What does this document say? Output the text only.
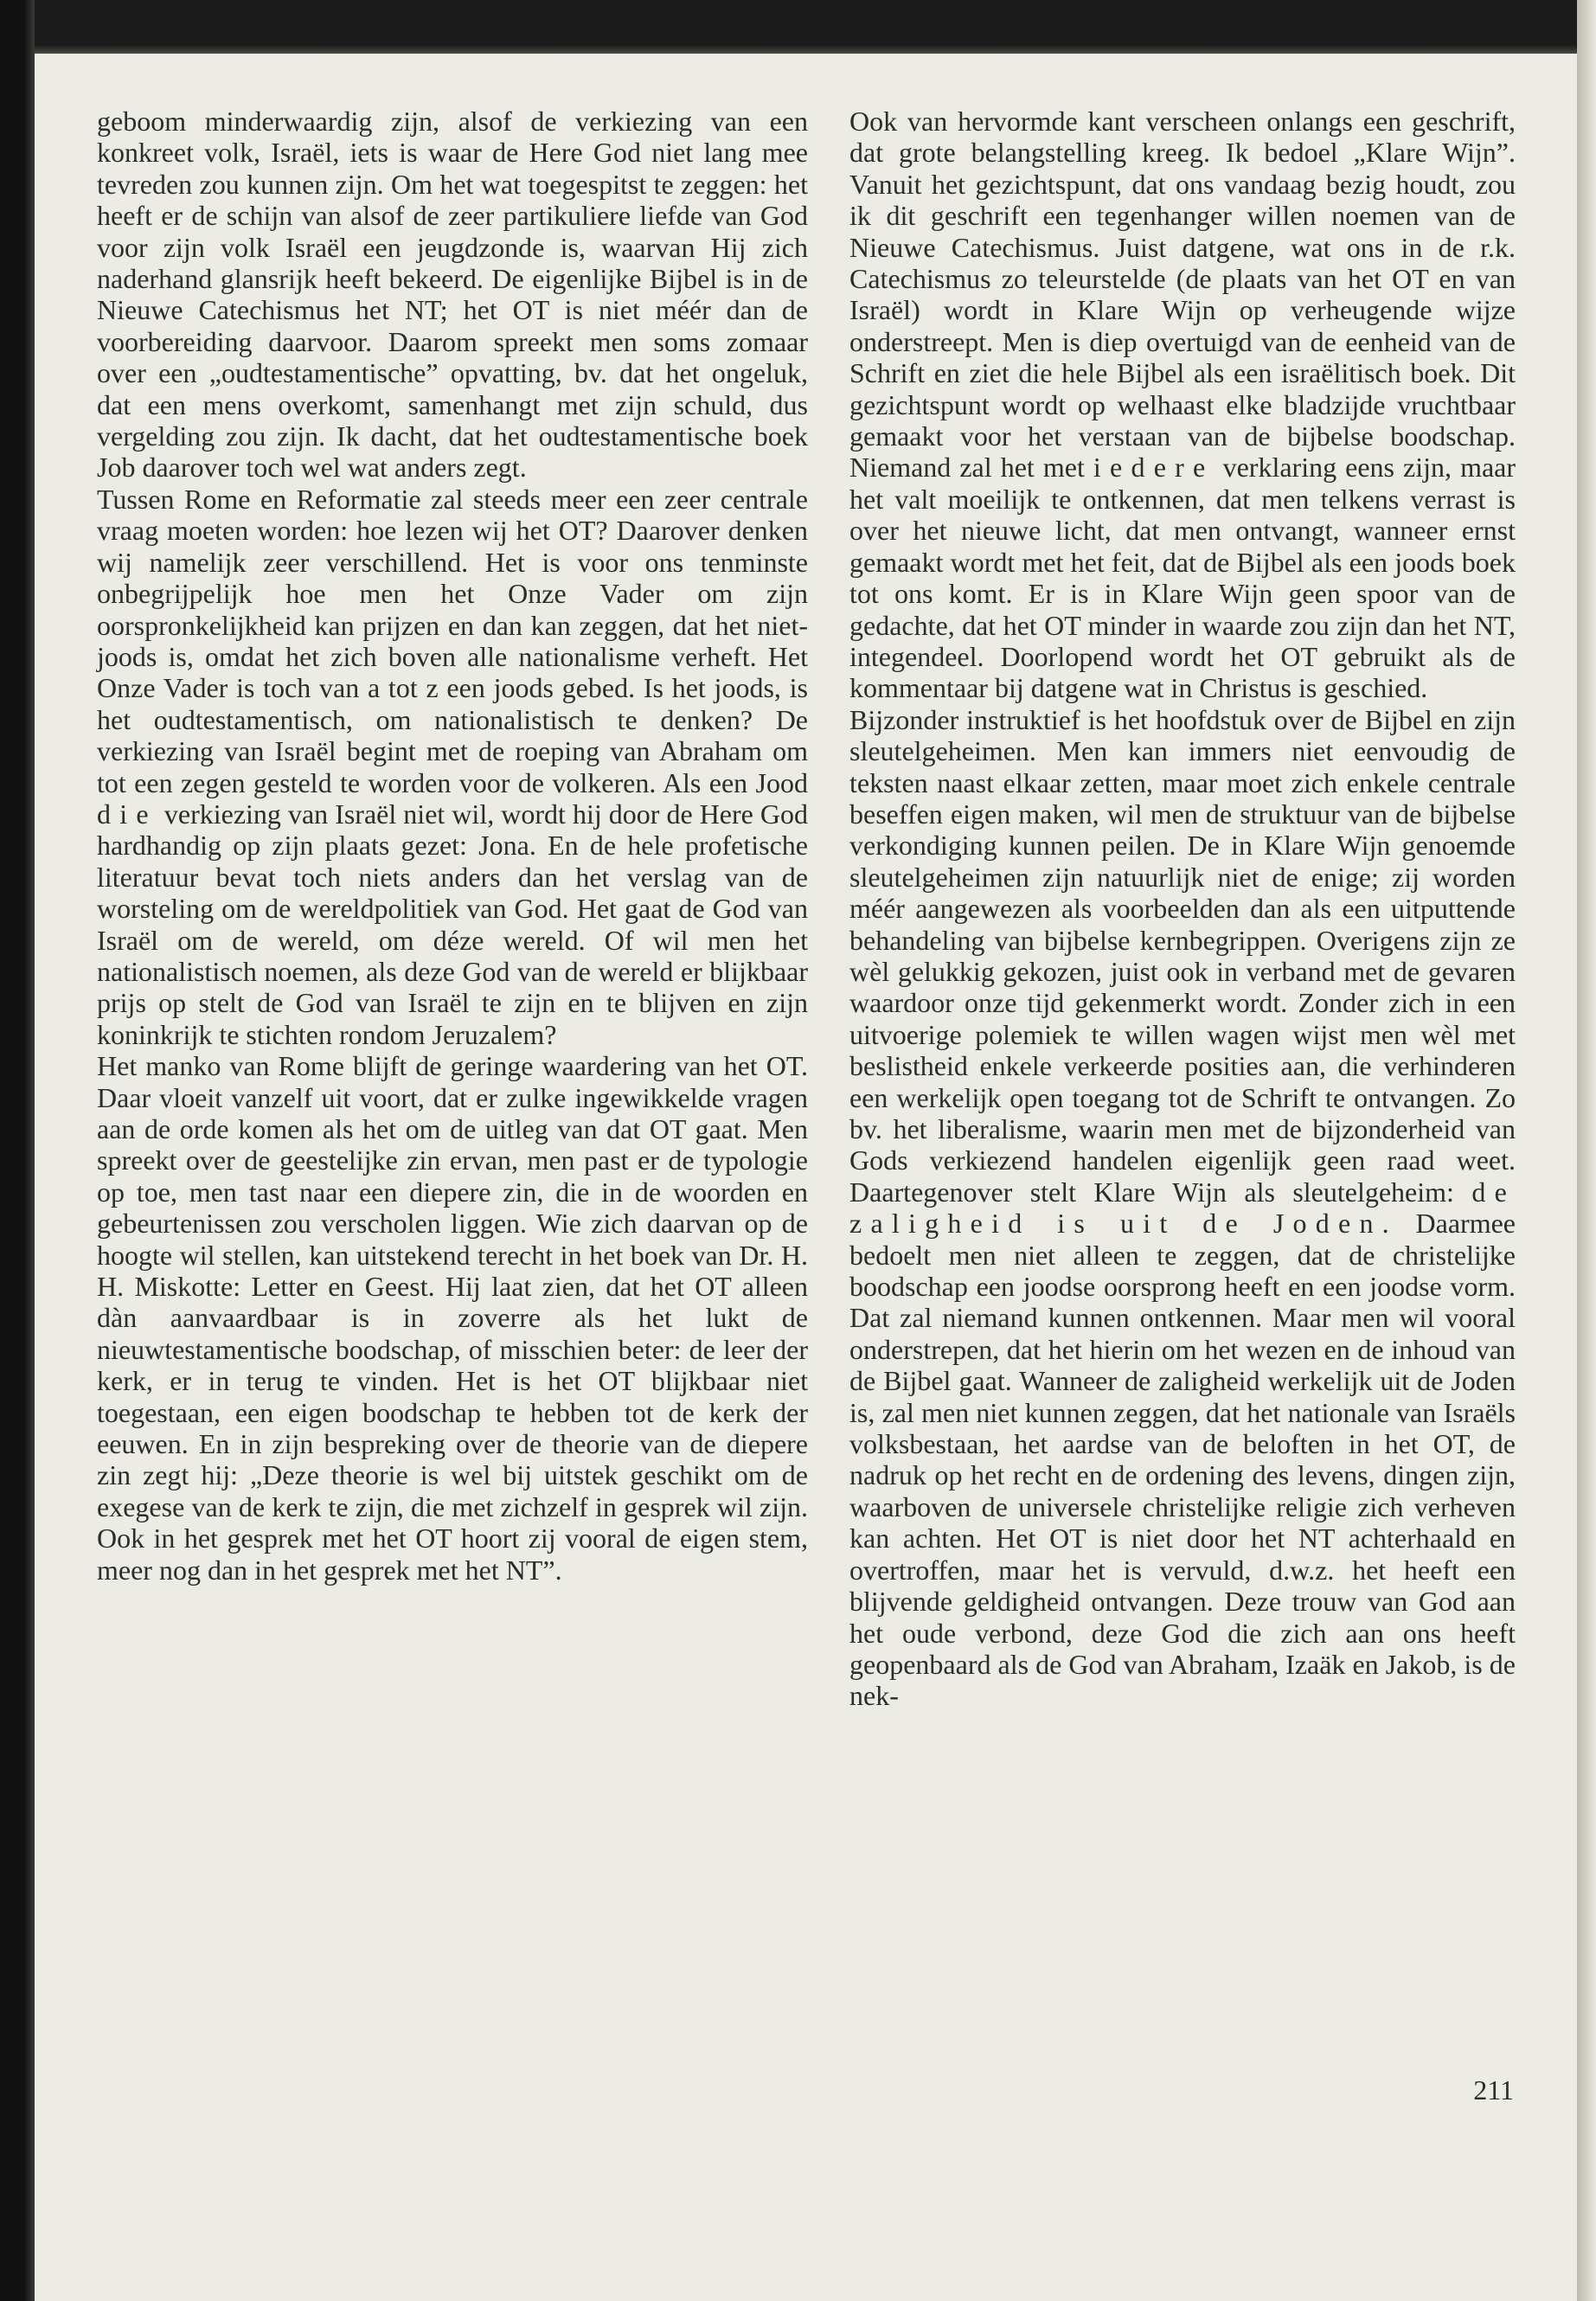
geboom minderwaardig zijn, alsof de verkiezing van een konkreet volk, Israël, iets is waar de Here God niet lang mee tevreden zou kunnen zijn. Om het wat toegespitst te zeggen: het heeft er de schijn van alsof de zeer partikuliere liefde van God voor zijn volk Israël een jeugdzonde is, waarvan Hij zich naderhand glansrijk heeft bekeerd. De eigenlijke Bijbel is in de Nieuwe Catechismus het NT; het OT is niet méér dan de voorbereiding daarvoor. Daarom spreekt men soms zomaar over een „oudtestamentische” opvatting, bv. dat het ongeluk, dat een mens overkomt, samenhangt met zijn schuld, dus vergelding zou zijn. Ik dacht, dat het oudtestamentische boek Job daarover toch wel wat anders zegt.

Tussen Rome en Reformatie zal steeds meer een zeer centrale vraag moeten worden: hoe lezen wij het OT? Daarover denken wij namelijk zeer verschillend. Het is voor ons tenminste onbegrijpelijk hoe men het Onze Vader om zijn oorspronkelijkheid kan prijzen en dan kan zeggen, dat het niet-joods is, omdat het zich boven alle nationalisme verheft. Het Onze Vader is toch van a tot z een joods gebed. Is het joods, is het oudtestamentisch, om nationalistisch te denken? De verkiezing van Israël begint met de roeping van Abraham om tot een zegen gesteld te worden voor de volkeren. Als een Jood die verkiezing van Israël niet wil, wordt hij door de Here God hardhandig op zijn plaats gezet: Jona. En de hele profetische literatuur bevat toch niets anders dan het verslag van de worsteling om de wereldpolitiek van God. Het gaat de God van Israël om de wereld, om déze wereld. Of wil men het nationalistisch noemen, als deze God van de wereld er blijkbaar prijs op stelt de God van Israël te zijn en te blijven en zijn koninkrijk te stichten rondom Jeruzalem?

Het manko van Rome blijft de geringe waardering van het OT. Daar vloeit vanzelf uit voort, dat er zulke ingewikkelde vragen aan de orde komen als het om de uitleg van dat OT gaat. Men spreekt over de geestelijke zin ervan, men past er de typologie op toe, men tast naar een diepere zin, die in de woorden en gebeurtenissen zou verscholen liggen. Wie zich daarvan op de hoogte wil stellen, kan uitstekend terecht in het boek van Dr. H. H. Miskotte: Letter en Geest. Hij laat zien, dat het OT alleen dàn aanvaardbaar is in zoverre als het lukt de nieuwtestamentische boodschap, of misschien beter: de leer der kerk, er in terug te vinden. Het is het OT blijkbaar niet toegestaan, een eigen boodschap te hebben tot de kerk der eeuwen. En in zijn bespreking over de theorie van de diepere zin zegt hij: „Deze theorie is wel bij uitstek geschikt om de exegese van de kerk te zijn, die met zichzelf in gesprek wil zijn. Ook in het gesprek met het OT hoort zij vooral de eigen stem, meer nog dan in het gesprek met het NT”.

Ook van hervormde kant verscheen onlangs een geschrift, dat grote belangstelling kreeg. Ik bedoel „Klare Wijn”. Vanuit het gezichtspunt, dat ons vandaag bezig houdt, zou ik dit geschrift een tegenhanger willen noemen van de Nieuwe Catechismus. Juist datgene, wat ons in de r.k. Catechismus zo teleurstelde (de plaats van het OT en van Israël) wordt in Klare Wijn op verheugende wijze onderstreept. Men is diep overtuigd van de eenheid van de Schrift en ziet die hele Bijbel als een israëlitisch boek. Dit gezichtspunt wordt op welhaast elke bladzijde vruchtbaar gemaakt voor het verstaan van de bijbelse boodschap. Niemand zal het met iedere verklaring eens zijn, maar het valt moeilijk te ontkennen, dat men telkens verrast is over het nieuwe licht, dat men ontvangt, wanneer ernst gemaakt wordt met het feit, dat de Bijbel als een joods boek tot ons komt. Er is in Klare Wijn geen spoor van de gedachte, dat het OT minder in waarde zou zijn dan het NT, integendeel. Doorlopend wordt het OT gebruikt als de kommentaar bij datgene wat in Christus is geschied.

Bijzonder instruktief is het hoofdstuk over de Bijbel en zijn sleutelgeheimen. Men kan immers niet eenvoudig de teksten naast elkaar zetten, maar moet zich enkele centrale beseffen eigen maken, wil men de struktuur van de bijbelse verkondiging kunnen peilen. De in Klare Wijn genoemde sleutelgeheimen zijn natuurlijk niet de enige; zij worden méér aangewezen als voorbeelden dan als een uitputtende behandeling van bijbelse kernbegrippen. Overigens zijn ze wèl gelukkig gekozen, juist ook in verband met de gevaren waardoor onze tijd gekenmerkt wordt. Zonder zich in een uitvoerige polemiek te willen wagen wijst men wèl met beslistheid enkele verkeerde posities aan, die verhinderen een werkelijk open toegang tot de Schrift te ontvangen. Zo bv. het liberalisme, waarin men met de bijzonderheid van Gods verkiezend handelen eigenlijk geen raad weet. Daartegenover stelt Klare Wijn als sleutelgeheim: de zaligheid is uit de Joden. Daarmee bedoelt men niet alleen te zeggen, dat de christelijke boodschap een joodse oorsprong heeft en een joodse vorm. Dat zal niemand kunnen ontkennen. Maar men wil vooral onderstrepen, dat het hierin om het wezen en de inhoud van de Bijbel gaat. Wanneer de zaligheid werkelijk uit de Joden is, zal men niet kunnen zeggen, dat het nationale van Israëls volksbestaan, het aardse van de beloften in het OT, de nadruk op het recht en de ordening des levens, dingen zijn, waarboven de universele christelijke religie zich verheven kan achten. Het OT is niet door het NT achterhaald en overtroffen, maar het is vervuld, d.w.z. het heeft een blijvende geldigheid ontvangen. Deze trouw van God aan het oude verbond, deze God die zich aan ons heeft geopenbaard als de God van Abraham, Izaäk en Jakob, is de nek-

211
